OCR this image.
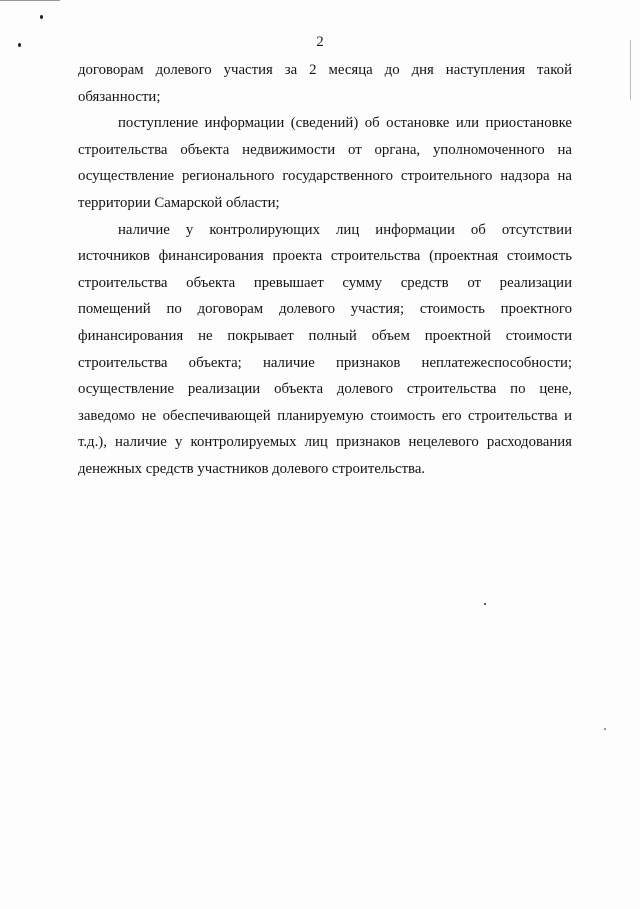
2
договорам долевого участия за 2 месяца до дня наступления такой
обязанности;
поступление информации (сведений) об остановке или приостановке
строительства объекта недвижимости от органа, уполномоченного на
осуществление регионального государственного строительного надзора на
территории Самарской области;
наличие у контролирующих лиц информации об отсутствии
источников финансирования проекта строительства (проектная стоимость
строительства объекта превышает сумму средств от реализации
помещений по договорам долевого участия; стоимость проектного
финансирования не покрывает полный объем проектной стоимости
строительства объекта; наличие признаков неплатежеспособности;
осуществление реализации объекта долевого строительства по цене,
заведомо не обеспечивающей планируемую стоимость его строительства и
т.д.), наличие у контролируемых лиц признаков нецелевого расходования
денежных средств участников долевого строительства.
